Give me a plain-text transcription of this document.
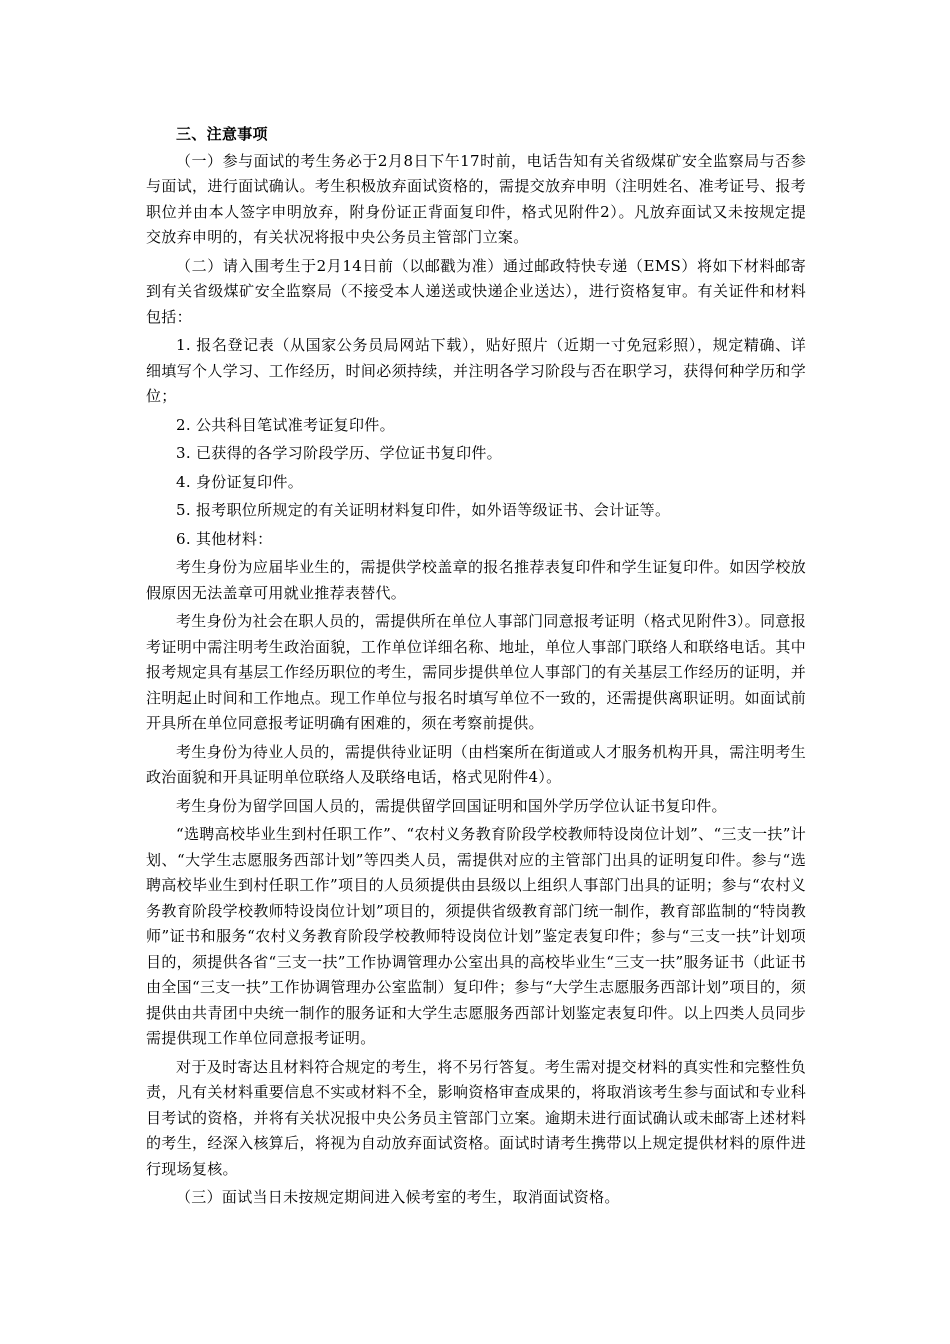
三、注意事项

（一）参与面试的考生务必于2月8日下午17时前，电话告知有关省级煤矿安全监察局与否参与面试，进行面试确认。考生积极放弃面试资格的，需提交放弃申明（注明姓名、准考证号、报考职位并由本人签字申明放弃，附身份证正背面复印件，格式见附件2）。凡放弃面试又未按规定提交放弃申明的，有关状况将报中央公务员主管部门立案。

（二）请入围考生于2月14日前（以邮戳为准）通过邮政特快专递（EMS）将如下材料邮寄到有关省级煤矿安全监察局（不接受本人递送或快递企业送达），进行资格复审。有关证件和材料包括：

1. 报名登记表（从国家公务员局网站下载），贴好照片（近期一寸免冠彩照），规定精确、详细填写个人学习、工作经历，时间必须持续，并注明各学习阶段与否在职学习，获得何种学历和学位；
2. 公共科目笔试准考证复印件。
3. 已获得的各学习阶段学历、学位证书复印件。
4. 身份证复印件。
5. 报考职位所规定的有关证明材料复印件，如外语等级证书、会计证等。
6. 其他材料：

考生身份为应届毕业生的，需提供学校盖章的报名推荐表复印件和学生证复印件。如因学校放假原因无法盖章可用就业推荐表替代。

考生身份为社会在职人员的，需提供所在单位人事部门同意报考证明（格式见附件3）。同意报考证明中需注明考生政治面貌，工作单位详细名称、地址，单位人事部门联络人和联络电话。其中报考规定具有基层工作经历职位的考生，需同步提供单位人事部门的有关基层工作经历的证明，并注明起止时间和工作地点。现工作单位与报名时填写单位不一致的，还需提供离职证明。如面试前开具所在单位同意报考证明确有困难的，须在考察前提供。

考生身份为待业人员的，需提供待业证明（由档案所在街道或人才服务机构开具，需注明考生政治面貌和开具证明单位联络人及联络电话，格式见附件4）。

考生身份为留学回国人员的，需提供留学回国证明和国外学历学位认证书复印件。

“选聘高校毕业生到村任职工作”、“农村义务教育阶段学校教师特设岗位计划”、“三支一扶”计划、“大学生志愿服务西部计划”等四类人员，需提供对应的主管部门出具的证明复印件。参与“选聘高校毕业生到村任职工作”项目的人员须提供由县级以上组织人事部门出具的证明；参与“农村义务教育阶段学校教师特设岗位计划”项目的，须提供省级教育部门统一制作，教育部监制的“特岗教师”证书和服务“农村义务教育阶段学校教师特设岗位计划”鉴定表复印件；参与“三支一扶”计划项目的，须提供各省“三支一扶”工作协调管理办公室出具的高校毕业生“三支一扶”服务证书（此证书由全国“三支一扶”工作协调管理办公室监制）复印件；参与“大学生志愿服务西部计划”项目的，须提供由共青团中央统一制作的服务证和大学生志愿服务西部计划鉴定表复印件。以上四类人员同步需提供现工作单位同意报考证明。

对于及时寄达且材料符合规定的考生，将不另行答复。考生需对提交材料的真实性和完整性负责，凡有关材料重要信息不实或材料不全，影响资格审查成果的，将取消该考生参与面试和专业科目考试的资格，并将有关状况报中央公务员主管部门立案。逾期未进行面试确认或未邮寄上述材料的考生，经深入核算后，将视为自动放弃面试资格。面试时请考生携带以上规定提供材料的原件进行现场复核。

（三）面试当日未按规定期间进入候考室的考生，取消面试资格。
